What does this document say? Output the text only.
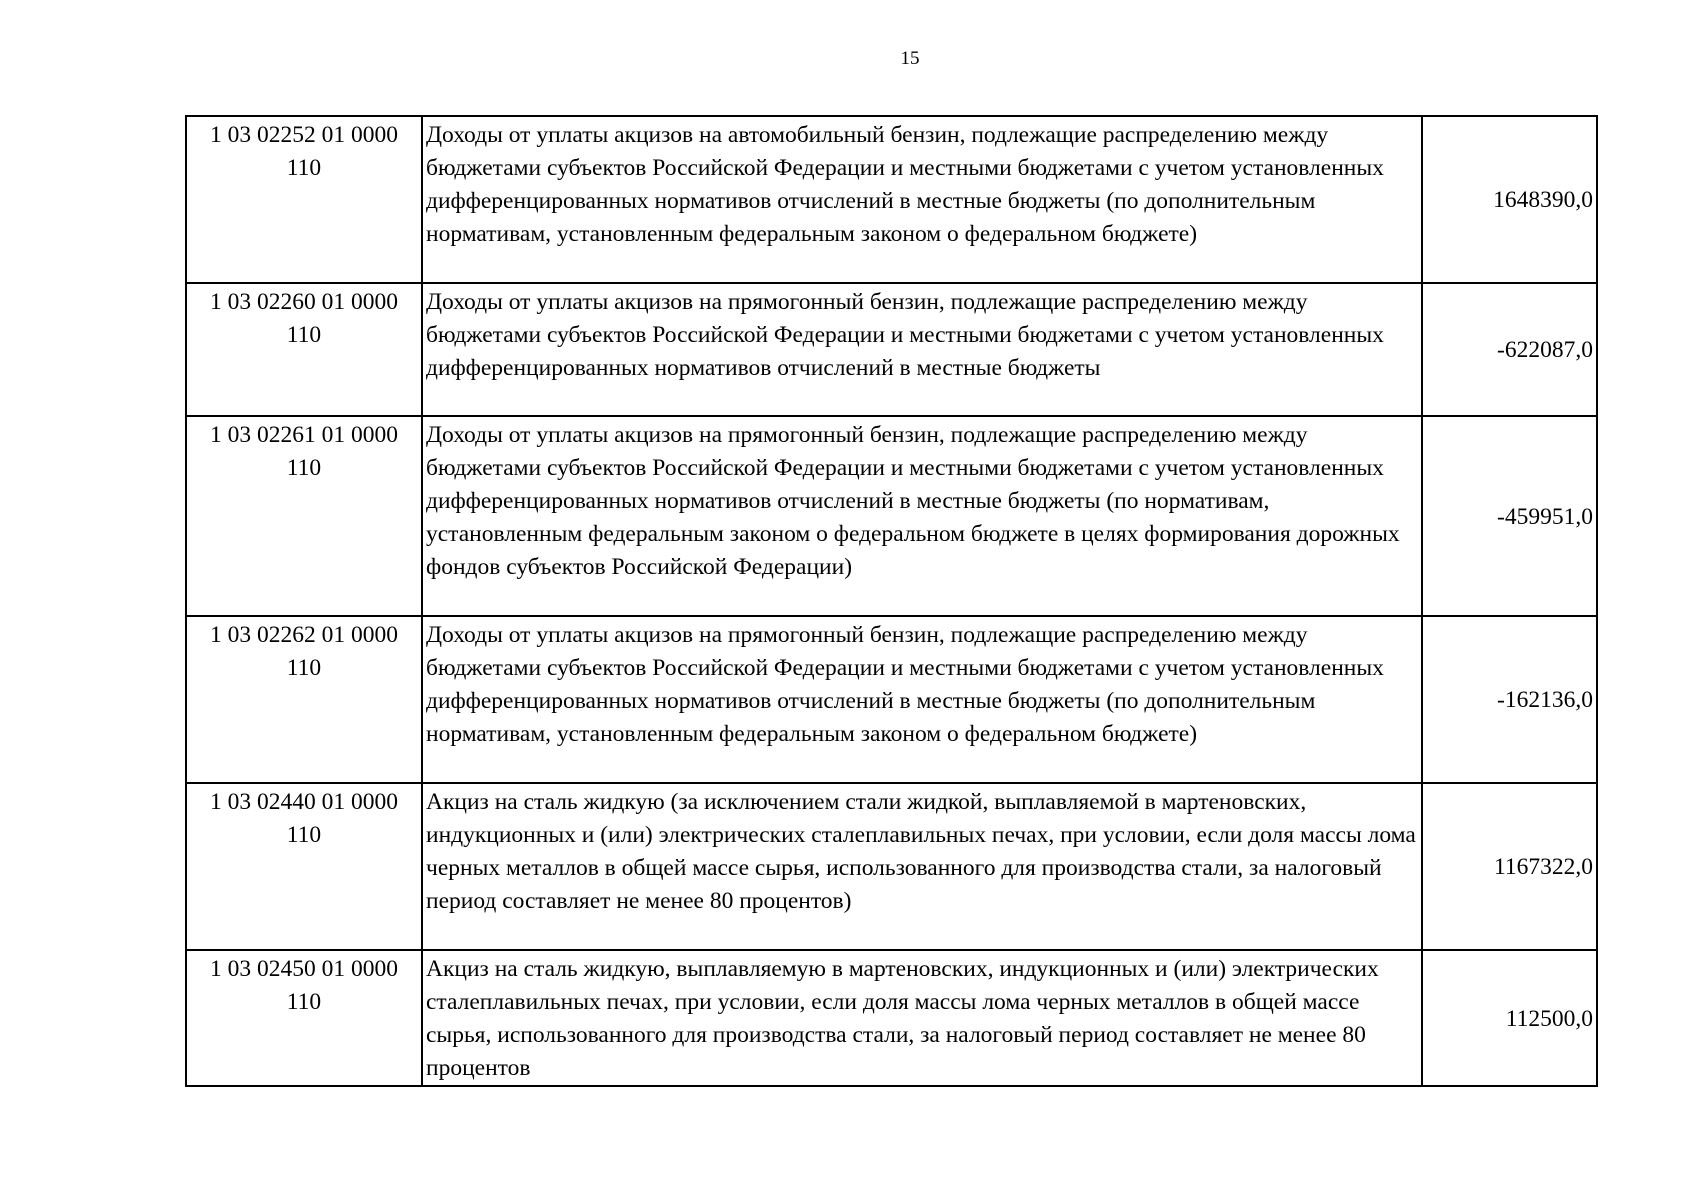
15
1 03 02252 01 0000 110	Доходы от уплаты акцизов на автомобильный бензин, подлежащие распределению между бюджетами субъектов Российской Федерации и местными бюджетами с учетом установленных дифференцированных нормативов отчислений в местные бюджеты (по дополнительным нормативам, установленным федеральным законом о федеральном бюджете)	1648390,0
1 03 02260 01 0000 110	Доходы от уплаты акцизов на прямогонный бензин, подлежащие распределению между бюджетами субъектов Российской Федерации и местными бюджетами с учетом установленных дифференцированных нормативов отчислений в местные бюджеты	-622087,0
1 03 02261 01 0000 110	Доходы от уплаты акцизов на прямогонный бензин, подлежащие распределению между бюджетами субъектов Российской Федерации и местными бюджетами с учетом установленных дифференцированных нормативов отчислений в местные бюджеты (по нормативам, установленным федеральным законом о федеральном бюджете в целях формирования дорожных фондов субъектов Российской Федерации)	-459951,0
1 03 02262 01 0000 110	Доходы от уплаты акцизов на прямогонный бензин, подлежащие распределению между бюджетами субъектов Российской Федерации и местными бюджетами с учетом установленных дифференцированных нормативов отчислений в местные бюджеты (по дополнительным нормативам, установленным федеральным законом о федеральном бюджете)	-162136,0
1 03 02440 01 0000 110	Акциз на сталь жидкую (за исключением стали жидкой, выплавляемой в мартеновских, индукционных и (или) электрических сталеплавильных печах, при условии, если доля массы лома черных металлов в общей массе сырья, использованного для производства стали, за налоговый период составляет не менее 80 процентов)	1167322,0
1 03 02450 01 0000 110	Акциз на сталь жидкую, выплавляемую в мартеновских, индукционных и (или) электрических сталеплавильных печах, при условии, если доля массы лома черных металлов в общей массе сырья, использованного для производства стали, за налоговый период составляет не менее 80 процентов	112500,0
